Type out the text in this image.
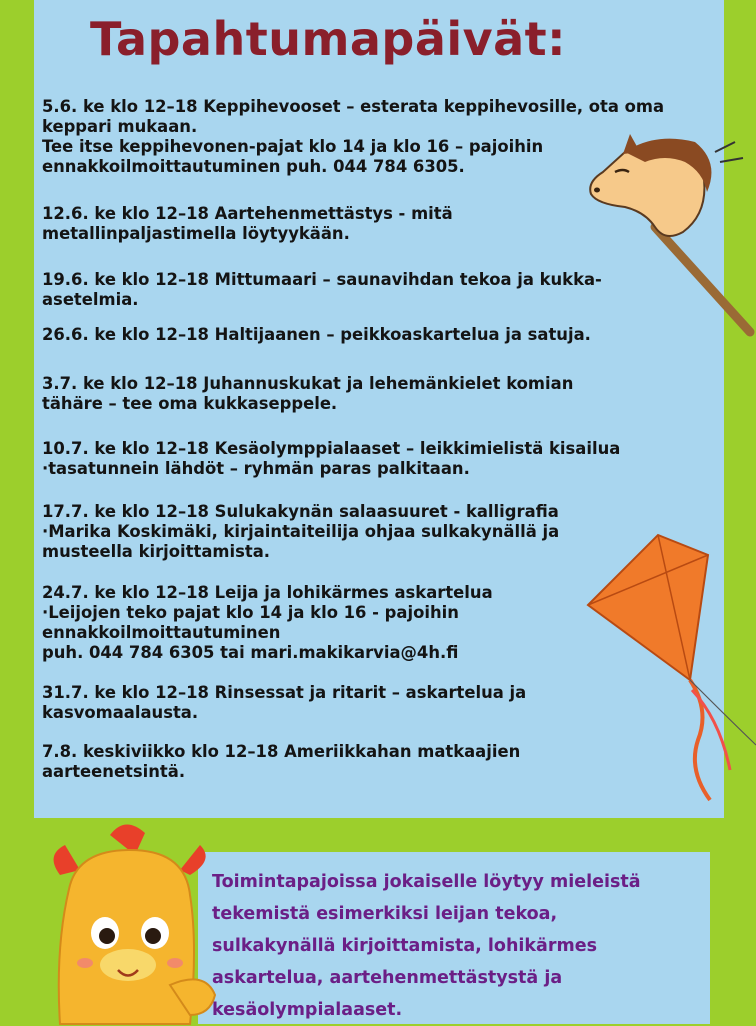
Tapahtumapäivät:
5.6. ke klo 12–18 Keppihevooset – esterata keppihevosille, ota oma
keppari mukaan.
Tee itse keppihevonen-pajat klo 14 ja klo 16 – pajoihin
ennakkoilmoittautuminen puh. 044 784 6305.
12.6. ke klo 12–18 Aartehenmettästys - mitä
metallinpaljastimella löytyykään.
19.6. ke klo 12–18 Mittumaari – saunavihdan tekoa ja kukka-
asetelmia.
26.6. ke klo 12–18 Haltijaanen – peikkoaskartelua ja satuja.
3.7. ke klo 12–18 Juhannuskukat ja lehemänkielet komian
tähäre – tee oma kukkaseppele.
10.7. ke klo 12–18 Kesäolymppialaaset – leikkimielistä kisailua
·tasatunnein lähdöt – ryhmän paras palkitaan.
17.7. ke klo 12–18 Sulukakynän salaasuuret - kalligrafia
·Marika Koskimäki, kirjaintaiteilija ohjaa sulkakynällä ja
musteella kirjoittamista.
24.7. ke klo 12–18 Leija ja lohikärmes askartelua
·Leijojen teko pajat klo 14 ja klo 16 - pajoihin
ennakkoilmoittautuminen
puh. 044 784 6305 tai mari.makikarvia@4h.fi
31.7. ke klo 12–18 Rinsessat ja ritarit – askartelua ja
kasvomaalausta.
7.8. keskiviikko klo 12–18 Ameriikkahan matkaajien
aarteenetsintä.
Toimintapajoissa jokaiselle löytyy mieleistä
tekemistä esimerkiksi leijan tekoa,
sulkakynällä kirjoittamista, lohikärmes
askartelua, aartehenmettästystä ja
kesäolympialaaset.
